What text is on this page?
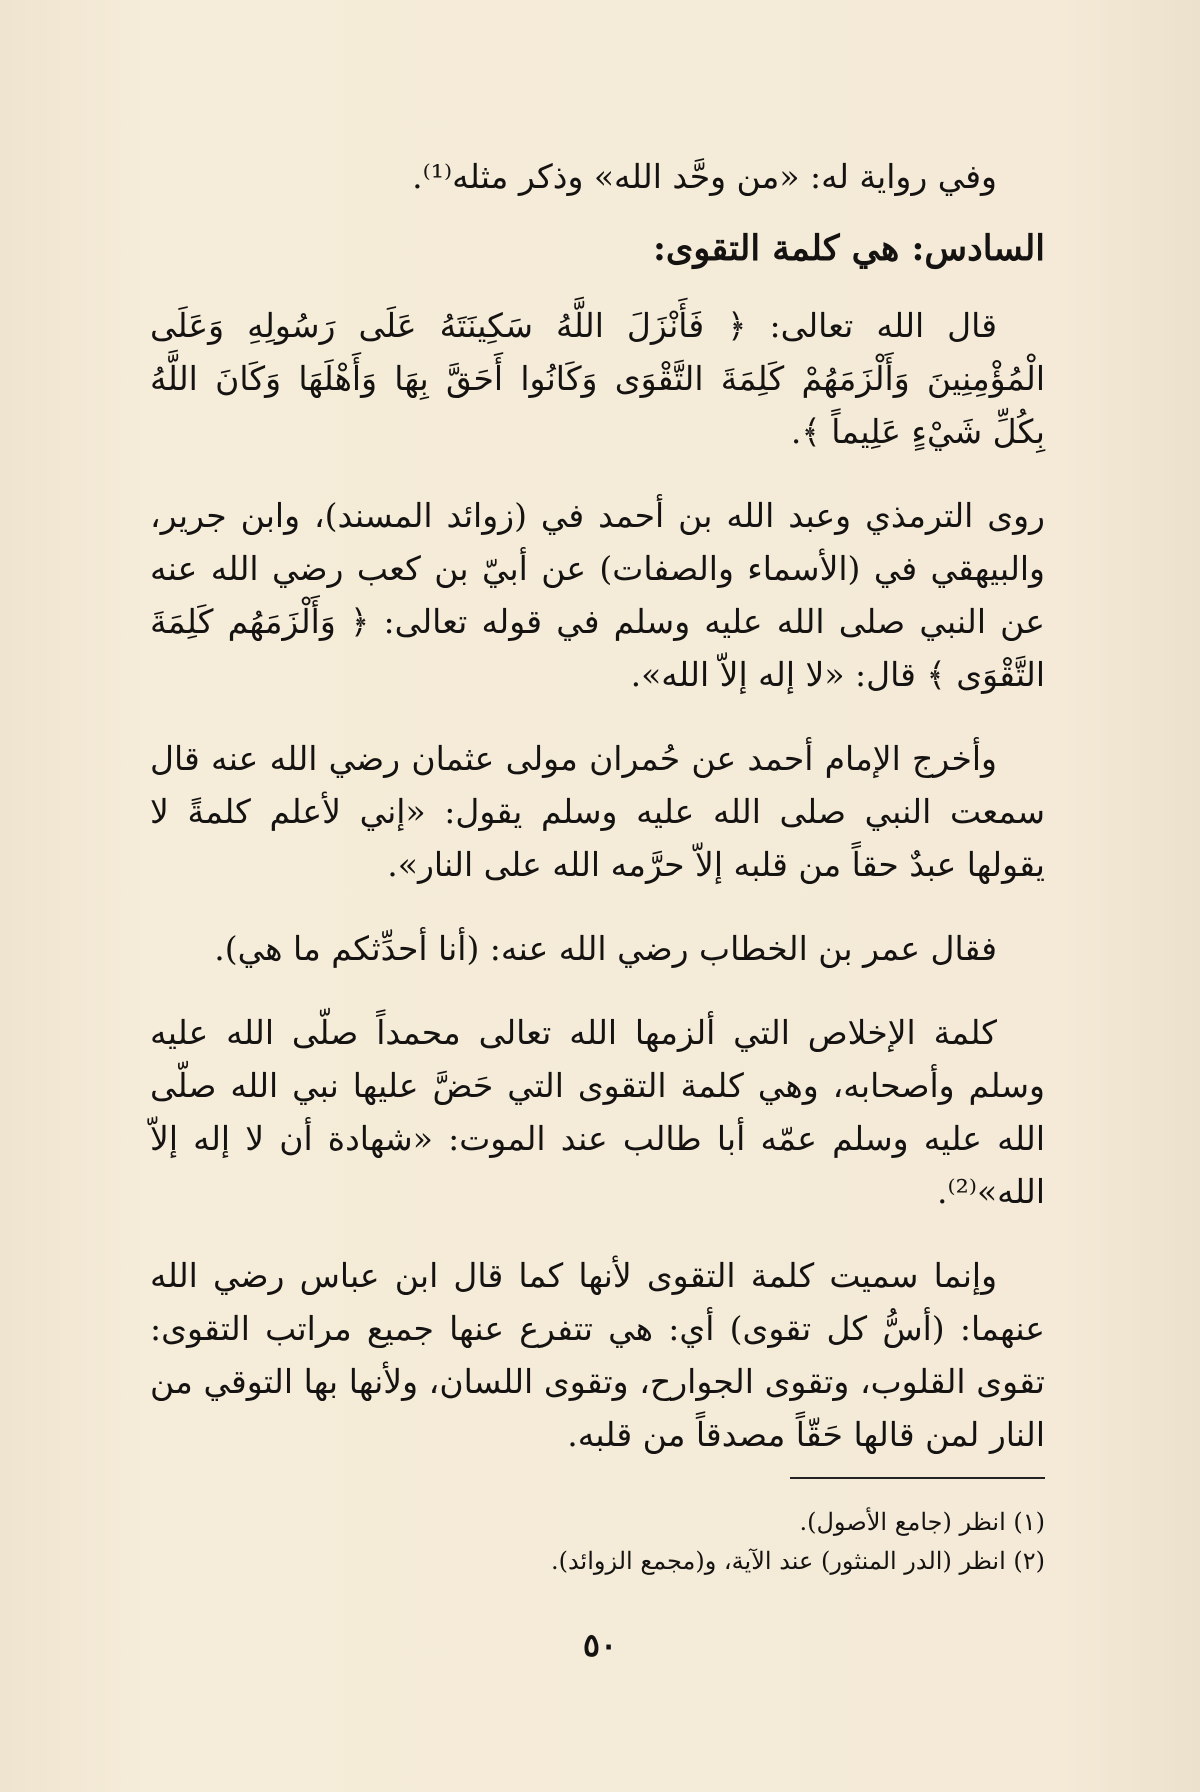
وفي رواية له: «من وحَّد الله» وذكر مثله⁽¹⁾.

السادس: هي كلمة التقوى:

قال الله تعالى: ﴿ فَأَنْزَلَ اللَّهُ سَكِينَتَهُ عَلَى رَسُولِهِ وَعَلَى الْمُؤْمِنِينَ وَأَلْزَمَهُمْ كَلِمَةَ التَّقْوَى وَكَانُوا أَحَقَّ بِهَا وَأَهْلَهَا وَكَانَ اللَّهُ بِكُلِّ شَيْءٍ عَلِيماً ﴾.

روى الترمذي وعبد الله بن أحمد في (زوائد المسند)، وابن جرير، والبيهقي في (الأسماء والصفات) عن أبيّ بن كعب رضي الله عنه عن النبي صلى الله عليه وسلم في قوله تعالى: ﴿ وَأَلْزَمَهُم كَلِمَةَ التَّقْوَى ﴾ قال: «لا إله إلاّ الله».

وأخرج الإمام أحمد عن حُمران مولى عثمان رضي الله عنه قال سمعت النبي صلى الله عليه وسلم يقول: «إني لأعلم كلمةً لا يقولها عبدٌ حقاً من قلبه إلاّ حرَّمه الله على النار».

فقال عمر بن الخطاب رضي الله عنه: (أنا أحدِّثكم ما هي).

كلمة الإخلاص التي ألزمها الله تعالى محمداً صلّى الله عليه وسلم وأصحابه، وهي كلمة التقوى التي حَضَّ عليها نبي الله صلّى الله عليه وسلم عمّه أبا طالب عند الموت: «شهادة أن لا إله إلاّ الله»⁽²⁾.

وإنما سميت كلمة التقوى لأنها كما قال ابن عباس رضي الله عنهما: (أسُّ كل تقوى) أي: هي تتفرع عنها جميع مراتب التقوى: تقوى القلوب، وتقوى الجوارح، وتقوى اللسان، ولأنها بها التوقي من النار لمن قالها حَقّاً مصدقاً من قلبه.

(١) انظر (جامع الأصول).

(٢) انظر (الدر المنثور) عند الآية، و(مجمع الزوائد).

٥٠
